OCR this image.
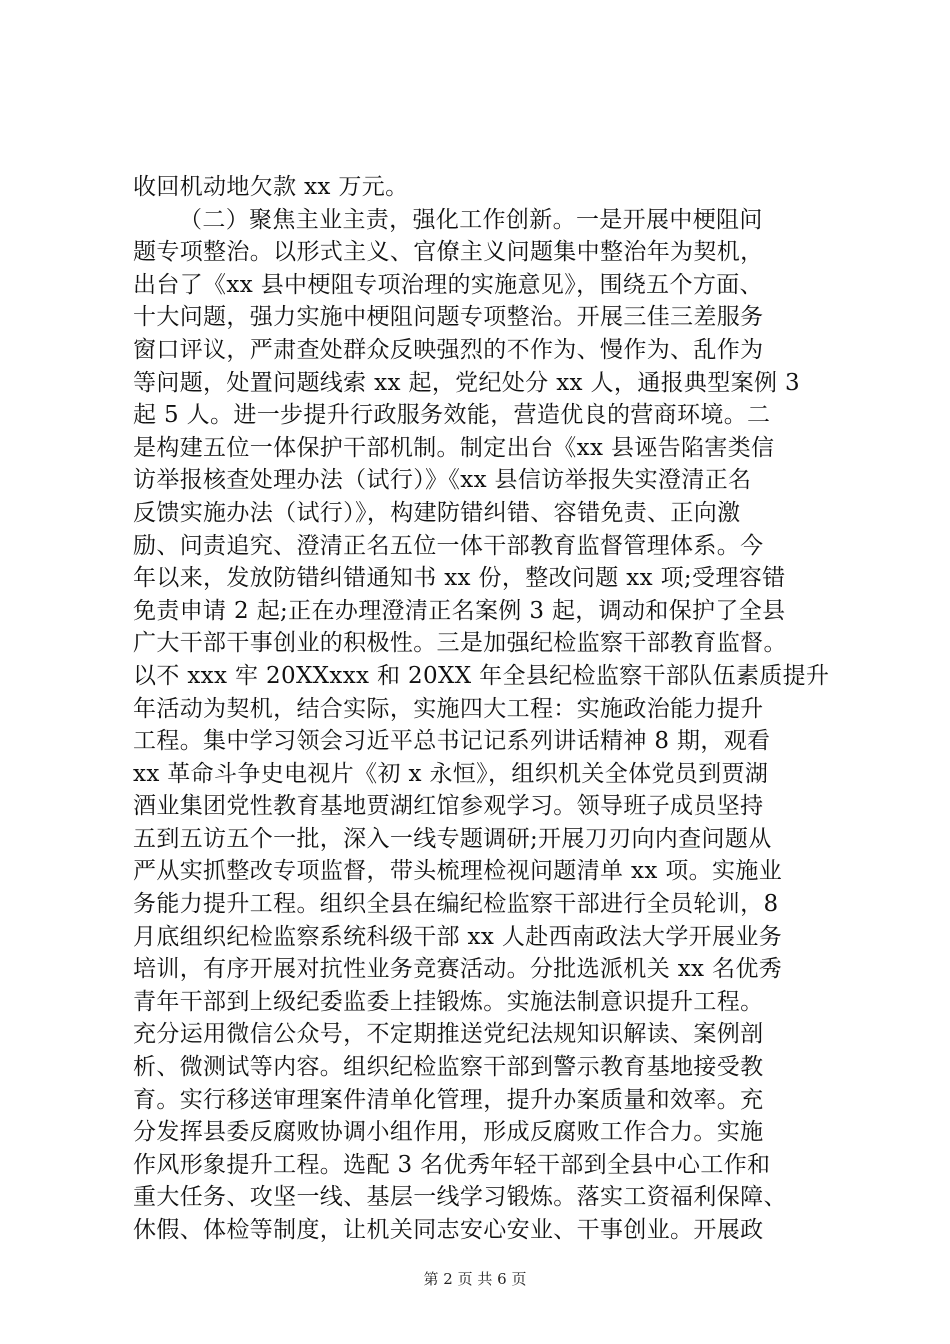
收回机动地欠款 xx 万元。
（二）聚焦主业主责，强化工作创新。一是开展中梗阻问
题专项整治。以形式主义、官僚主义问题集中整治年为契机，
出台了《xx 县中梗阻专项治理的实施意见》，围绕五个方面、
十大问题，强力实施中梗阻问题专项整治。开展三佳三差服务
窗口评议，严肃查处群众反映强烈的不作为、慢作为、乱作为
等问题，处置问题线索 xx 起，党纪处分 xx 人，通报典型案例 3
起 5 人。进一步提升行政服务效能，营造优良的营商环境。二
是构建五位一体保护干部机制。制定出台《xx 县诬告陷害类信
访举报核查处理办法（试行）》《xx 县信访举报失实澄清正名
反馈实施办法（试行）》，构建防错纠错、容错免责、正向激
励、问责追究、澄清正名五位一体干部教育监督管理体系。今
年以来，发放防错纠错通知书 xx 份，整改问题 xx 项;受理容错
免责申请 2 起;正在办理澄清正名案例 3 起，调动和保护了全县
广大干部干事创业的积极性。三是加强纪检监察干部教育监督。
以不 xxx 牢 20XXxxx 和 20XX 年全县纪检监察干部队伍素质提升
年活动为契机，结合实际，实施四大工程：实施政治能力提升
工程。集中学习领会习近平总书记记系列讲话精神 8 期，观看
xx 革命斗争史电视片《初 x 永恒》，组织机关全体党员到贾湖
酒业集团党性教育基地贾湖红馆参观学习。领导班子成员坚持
五到五访五个一批，深入一线专题调研;开展刀刃向内查问题从
严从实抓整改专项监督，带头梳理检视问题清单 xx 项。实施业
务能力提升工程。组织全县在编纪检监察干部进行全员轮训，8
月底组织纪检监察系统科级干部 xx 人赴西南政法大学开展业务
培训，有序开展对抗性业务竞赛活动。分批选派机关 xx 名优秀
青年干部到上级纪委监委上挂锻炼。实施法制意识提升工程。
充分运用微信公众号，不定期推送党纪法规知识解读、案例剖
析、微测试等内容。组织纪检监察干部到警示教育基地接受教
育。实行移送审理案件清单化管理，提升办案质量和效率。充
分发挥县委反腐败协调小组作用，形成反腐败工作合力。实施
作风形象提升工程。选配 3 名优秀年轻干部到全县中心工作和
重大任务、攻坚一线、基层一线学习锻炼。落实工资福利保障、
休假、体检等制度，让机关同志安心安业、干事创业。开展政
第 2 页 共 6 页
